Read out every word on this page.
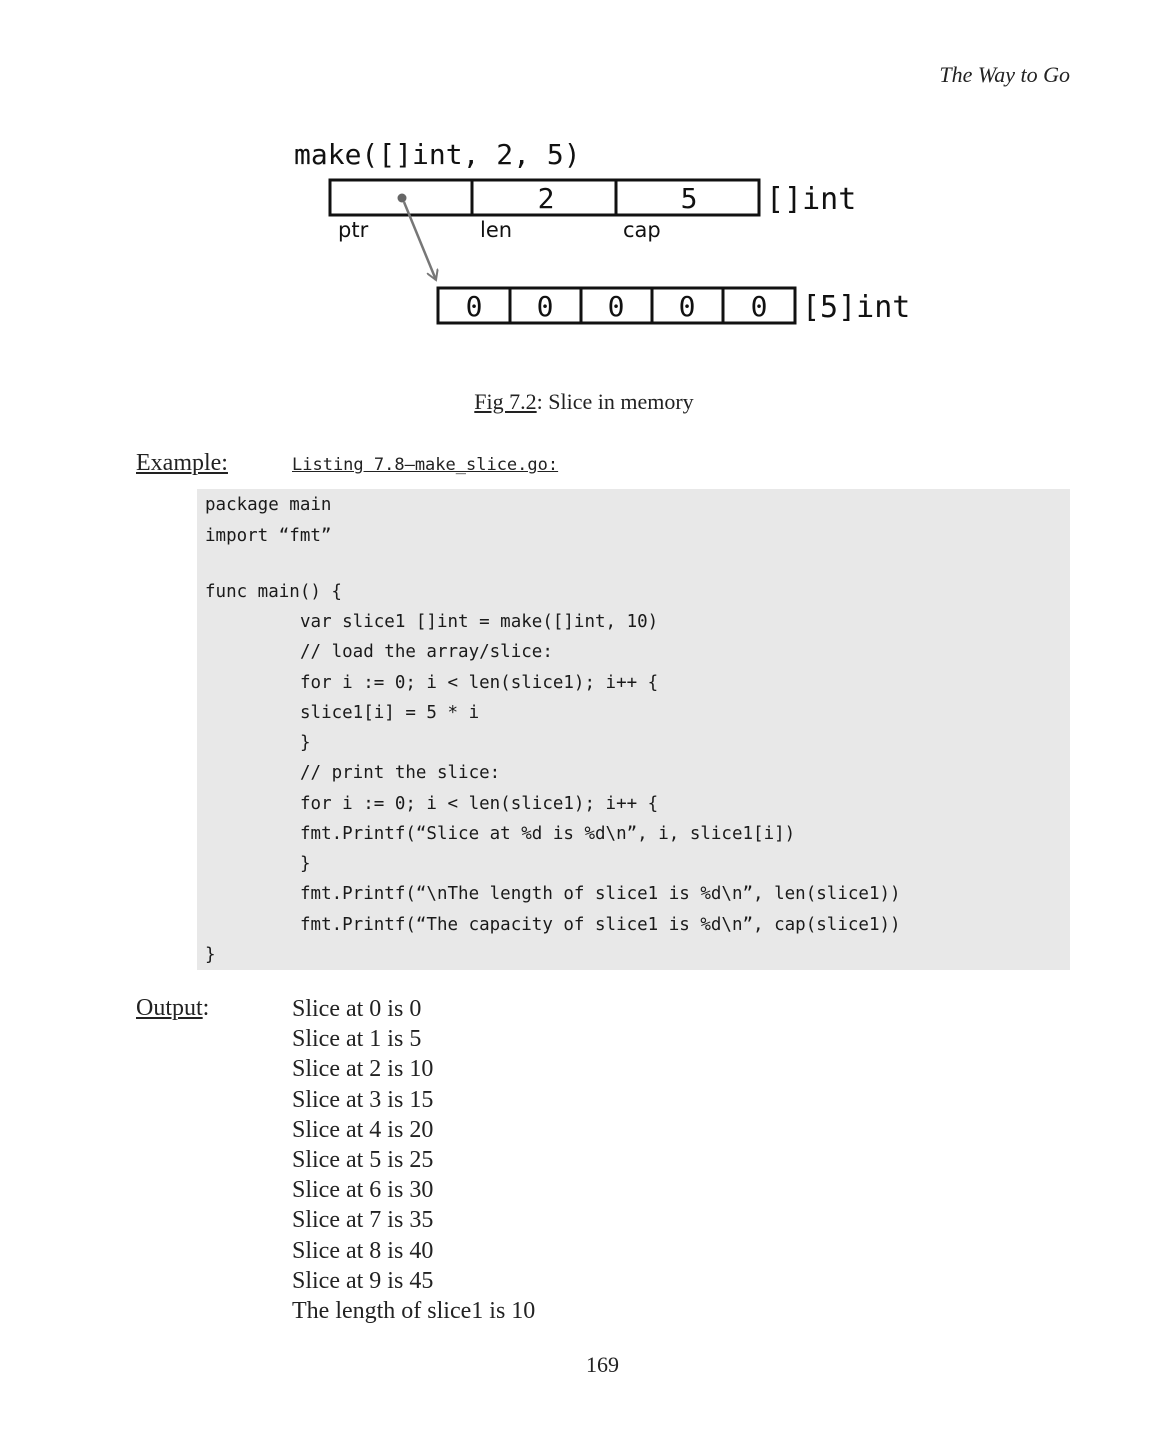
The Way to Go
make([]int, 2, 5)
2	5 []int
ptr	len	cap
0 0 0 0 0 [5]int
Fig 7.2: Slice in memory
Example:	Listing 7.8—make_slice.go:
package main
import “fmt”
func main() {
var slice1 []int = make([]int, 10)
// load the array/slice:
for i := 0; i < len(slice1); i++ {
slice1[i] = 5 * i
}
// print the slice:
for i := 0; i < len(slice1); i++ {
fmt.Printf(“Slice at %d is %d\n”, i, slice1[i])
}
fmt.Printf(“\nThe length of slice1 is %d\n”, len(slice1))
fmt.Printf(“The capacity of slice1 is %d\n”, cap(slice1))
}
Output:	Slice at 0 is 0
Slice at 1 is 5
Slice at 2 is 10
Slice at 3 is 15
Slice at 4 is 20
Slice at 5 is 25
Slice at 6 is 30
Slice at 7 is 35
Slice at 8 is 40
Slice at 9 is 45
The length of slice1 is 10
169
